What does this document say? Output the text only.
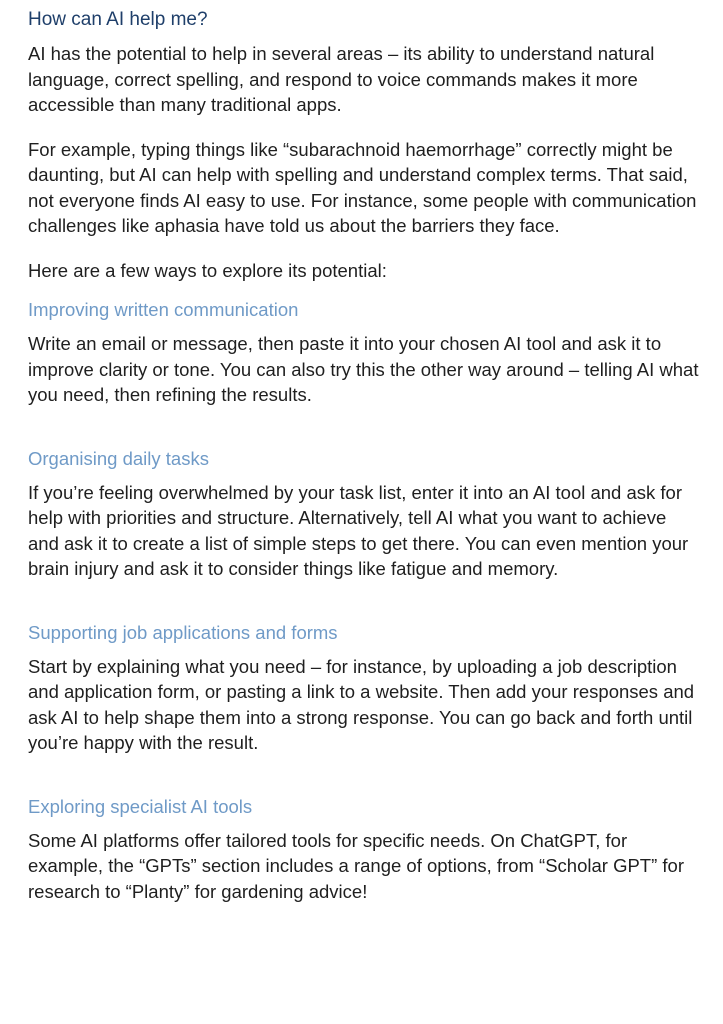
How can AI help me?

AI has the potential to help in several areas – its ability to understand natural language, correct spelling, and respond to voice commands makes it more accessible than many traditional apps.

For example, typing things like “subarachnoid haemorrhage” correctly might be daunting, but AI can help with spelling and understand complex terms. That said, not everyone finds AI easy to use. For instance, some people with communication challenges like aphasia have told us about the barriers they face.

Here are a few ways to explore its potential:

Improving written communication

Write an email or message, then paste it into your chosen AI tool and ask it to improve clarity or tone. You can also try this the other way around – telling AI what you need, then refining the results.

Organising daily tasks

If you’re feeling overwhelmed by your task list, enter it into an AI tool and ask for help with priorities and structure. Alternatively, tell AI what you want to achieve and ask it to create a list of simple steps to get there. You can even mention your brain injury and ask it to consider things like fatigue and memory.

Supporting job applications and forms

Start by explaining what you need – for instance, by uploading a job description and application form, or pasting a link to a website. Then add your responses and ask AI to help shape them into a strong response. You can go back and forth until you’re happy with the result.

Exploring specialist AI tools

Some AI platforms offer tailored tools for specific needs. On ChatGPT, for example, the “GPTs” section includes a range of options, from “Scholar GPT” for research to “Planty” for gardening advice!
